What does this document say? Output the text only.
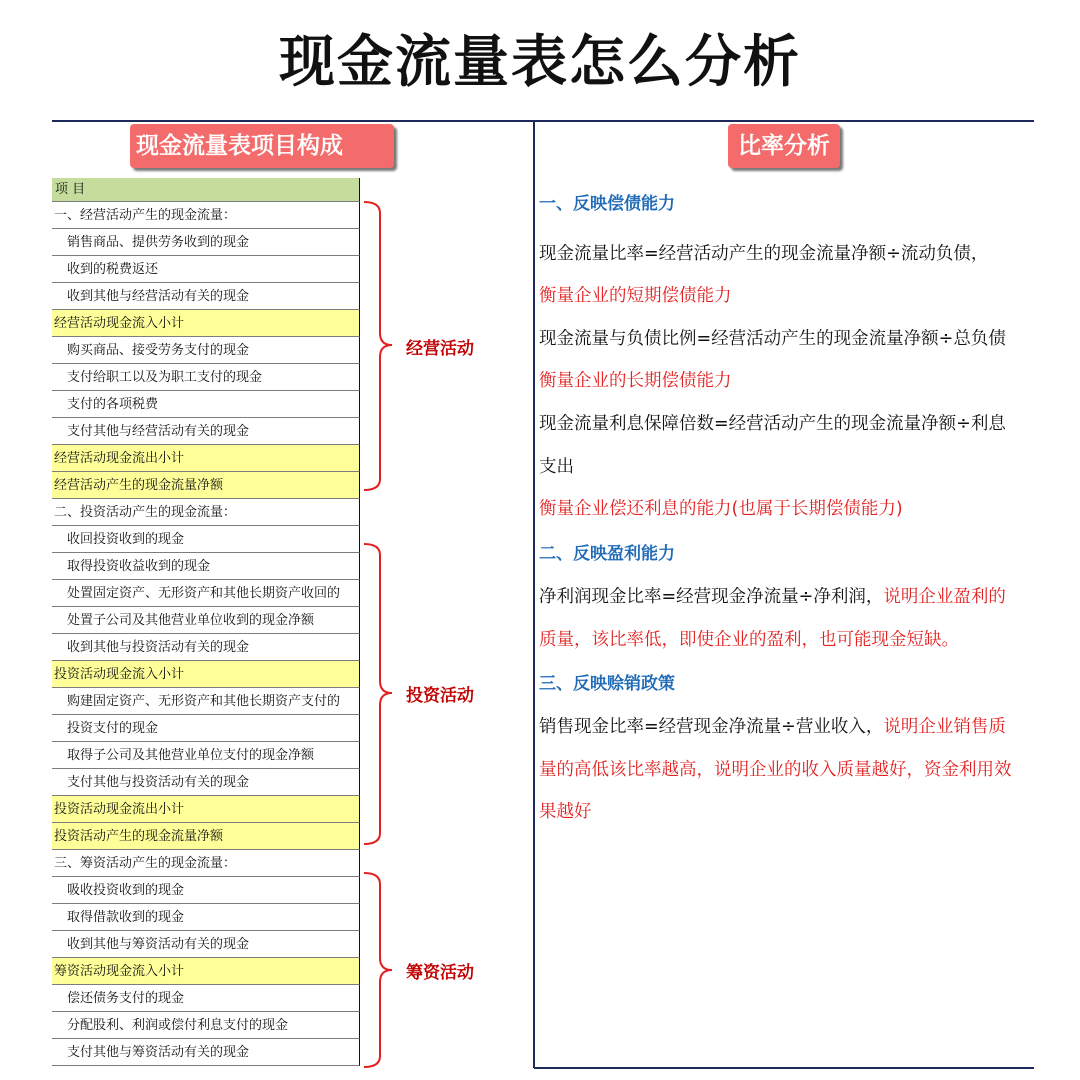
现金流量表怎么分析
现金流量表项目构成	比率分析
项 目
一、经营活动产生的现金流量：
销售商品、提供劳务收到的现金
收到的税费返还
收到其他与经营活动有关的现金
经营活动现金流入小计
购买商品、接受劳务支付的现金
支付给职工以及为职工支付的现金
支付的各项税费
支付其他与经营活动有关的现金
经营活动现金流出小计
经营活动产生的现金流量净额
二、投资活动产生的现金流量：
收回投资收到的现金
取得投资收益收到的现金
处置固定资产、无形资产和其他长期资产收回的
处置子公司及其他营业单位收到的现金净额
收到其他与投资活动有关的现金
投资活动现金流入小计
购建固定资产、无形资产和其他长期资产支付的
投资支付的现金
取得子公司及其他营业单位支付的现金净额
支付其他与投资活动有关的现金
投资活动现金流出小计
投资活动产生的现金流量净额
三、筹资活动产生的现金流量：
吸收投资收到的现金
取得借款收到的现金
收到其他与筹资活动有关的现金
筹资活动现金流入小计
偿还债务支付的现金
分配股利、利润或偿付利息支付的现金
支付其他与筹资活动有关的现金
经营活动
投资活动
筹资活动
一、反映偿债能力
现金流量比率=经营活动产生的现金流量净额÷流动负债，
衡量企业的短期偿债能力
现金流量与负债比例=经营活动产生的现金流量净额÷总负债
衡量企业的长期偿债能力
现金流量利息保障倍数=经营活动产生的现金流量净额÷利息
支出
衡量企业偿还利息的能力(也属于长期偿债能力)
二、反映盈利能力
净利润现金比率=经营现金净流量÷净利润，说明企业盈利的
质量，该比率低，即使企业的盈利，也可能现金短缺。
三、反映赊销政策
销售现金比率=经营现金净流量÷营业收入，说明企业销售质
量的高低该比率越高，说明企业的收入质量越好，资金利用效
果越好
